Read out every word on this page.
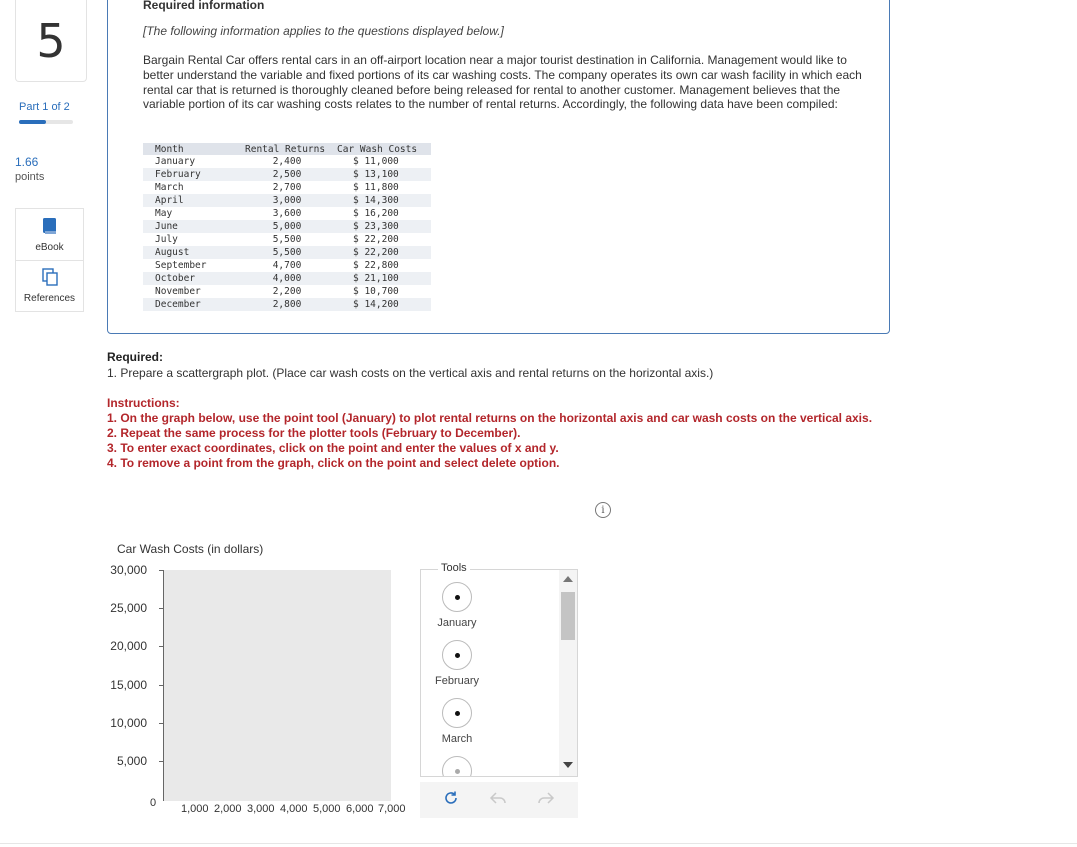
5
Part 1 of 2
1.66
points
eBook
References
Required information
[The following information applies to the questions displayed below.]
Bargain Rental Car offers rental cars in an off-airport location near a major tourist destination in California. Management would like to better understand the variable and fixed portions of its car washing costs. The company operates its own car wash facility in which each rental car that is returned is thoroughly cleaned before being released for rental to another customer. Management believes that the variable portion of its car washing costs relates to the number of rental returns. Accordingly, the following data have been compiled:
Month	Rental Returns	Car Wash Costs
January	2,400	$ 11,000
February	2,500	$ 13,100
March	2,700	$ 11,800
April	3,000	$ 14,300
May	3,600	$ 16,200
June	5,000	$ 23,300
July	5,500	$ 22,200
August	5,500	$ 22,200
September	4,700	$ 22,800
October	4,000	$ 21,100
November	2,200	$ 10,700
December	2,800	$ 14,200
Required:
1. Prepare a scattergraph plot. (Place car wash costs on the vertical axis and rental returns on the horizontal axis.)
Instructions:
1. On the graph below, use the point tool (January) to plot rental returns on the horizontal axis and car wash costs on the vertical axis.
2. Repeat the same process for the plotter tools (February to December).
3. To enter exact coordinates, click on the point and enter the values of x and y.
4. To remove a point from the graph, click on the point and select delete option.
i
Car Wash Costs (in dollars)
30,000
25,000
20,000
15,000
10,000
5,000
1,000 2,000 3,000 4,000 5,000 6,000 7,000
0
January
February
March
Tools
